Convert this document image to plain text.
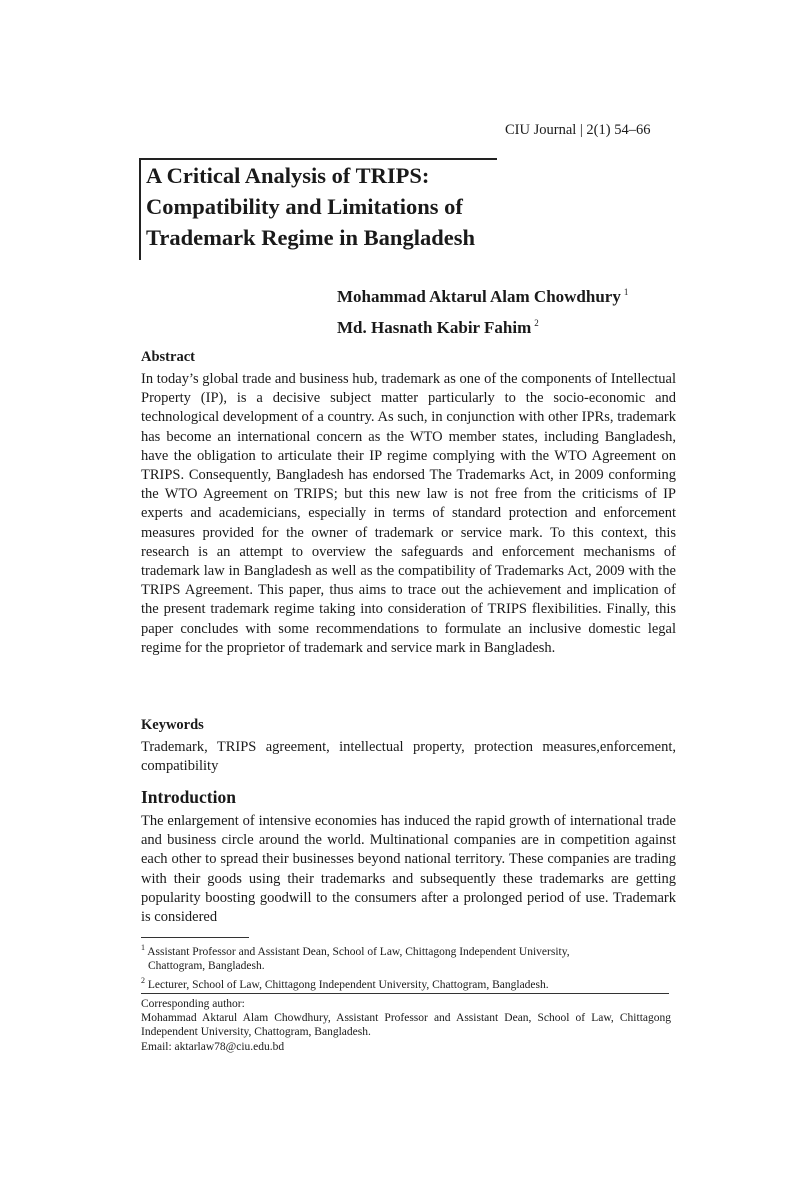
CIU Journal | 2(1) 54–66
A Critical Analysis of TRIPS:
Compatibility and Limitations of
Trademark Regime in Bangladesh
Mohammad Aktarul Alam Chowdhury $^1$
Md. Hasnath Kabir Fahim $^2$
Abstract

In today’s global trade and business hub, trademark as one of the components of Intellectual Property (IP), is a decisive subject matter particularly to the socio-economic and technological development of a country. As such, in conjunction with other IPRs, trademark has become an international concern as the WTO member states, including Bangladesh, have the obligation to articulate their IP regime complying with the WTO Agreement on TRIPS. Consequently, Bangladesh has endorsed The Trademarks Act, in 2009 conforming the WTO Agreement on TRIPS; but this new law is not free from the criticisms of IP experts and academicians, especially in terms of standard protection and enforcement measures provided for the owner of trademark or service mark. To this context, this research is an attempt to overview the safeguards and enforcement mechanisms of trademark law in Bangladesh as well as the compatibility of Trademarks Act, 2009 with the TRIPS Agreement. This paper, thus aims to trace out the achievement and implication of the present trademark regime taking into consideration of TRIPS flexibilities. Finally, this paper concludes with some recommendations to formulate an inclusive domestic legal regime for the proprietor of trademark and service mark in Bangladesh.

Keywords

Trademark, TRIPS agreement, intellectual property, protection measures,enforcement, compatibility

Introduction

The enlargement of intensive economies has induced the rapid growth of international trade and business circle around the world. Multinational companies are in competition against each other to spread their businesses beyond national territory. These companies are trading with their goods using their trademarks and subsequently these trademarks are getting popularity boosting goodwill to the consumers after a prolonged period of use. Trademark is considered

$^1$ Assistant Professor and Assistant Dean, School of Law, Chittagong Independent University,
Chattogram, Bangladesh.
$^2$ Lecturer, School of Law, Chittagong Independent University, Chattogram, Bangladesh.
Corresponding author:
Mohammad Aktarul Alam Chowdhury, Assistant Professor and Assistant Dean, School of Law, Chittagong Independent University, Chattogram, Bangladesh.
Email: aktarlaw78@ciu.edu.bd
